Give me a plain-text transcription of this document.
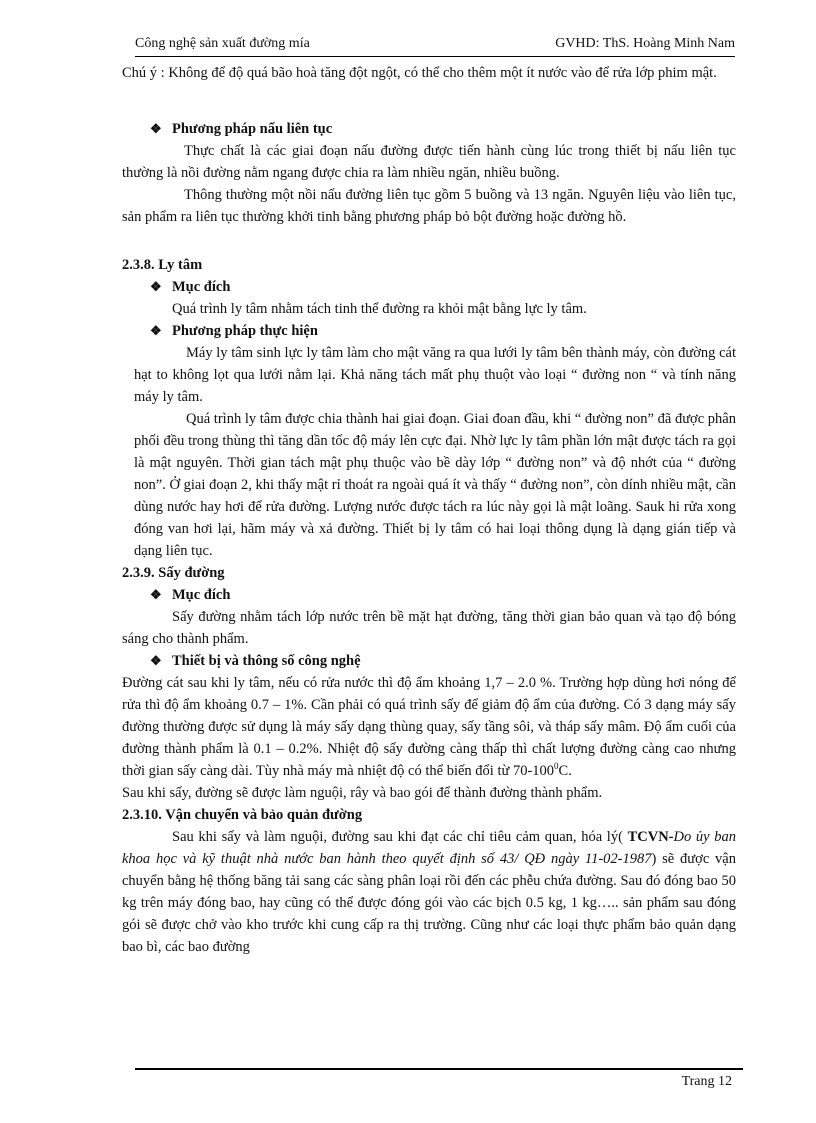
Công nghệ sản xuất đường mía	GVHD: ThS. Hoàng Minh Nam

Chú ý : Không để độ quá bão hoà tăng đột ngột, có thể cho thêm một ít nước vào để rửa lớp phim mật.

❖ Phương pháp nấu liên tục

Thực chất là các giai đoạn nấu đường được tiến hành cùng lúc trong thiết bị nấu liên tục thường là nồi đường nằm ngang được chia ra làm nhiều ngăn, nhiều buồng.

Thông thường một nồi nấu đường liên tục gồm 5 buồng và 13 ngăn. Nguyên liệu vào liên tục, sản phẩm ra liên tục thường khởi tinh bằng phương pháp bỏ bột đường hoặc đường hồ.

2.3.8. Ly tâm

❖ Mục đích

Quá trình ly tâm nhằm tách tinh thể đường ra khỏi mật bằng lực ly tâm.

❖ Phương pháp thực hiện

Máy ly tâm sinh lực ly tâm làm cho mật văng ra qua lưới ly tâm bên thành máy, còn đường cát hạt to không lọt qua lưới nằm lại. Khả năng tách mất phụ thuột vào loại “ đường non “ và tính năng máy ly tâm.

Quá trình ly tâm được chia thành hai giai đoạn. Giai đoan đầu, khi “ đường non” đã được phân phối đều trong thùng thì tăng dần tốc độ máy lên cực đại. Nhờ lực ly tâm phần lớn mật được tách ra gọi là mật nguyên. Thời gian tách mật phụ thuộc vào bề dày lớp “ đường non” và độ nhớt của “ đường non”. Ở giai đoạn 2, khi thấy mật rỉ thoát ra ngoài quá ít và thấy “ đường non”, còn dính nhiều mật, cần dùng nước hay hơi để rửa đường. Lượng nước được tách ra lúc này gọi là mật loãng. Sauk hi rửa xong đóng van hơi lại, hãm máy và xả đường. Thiết bị ly tâm có hai loại thông dụng là dạng gián tiếp và dạng liên tục.

2.3.9. Sấy đường

❖ Mục đích

Sấy đường nhằm tách lớp nước trên bề mặt hạt đường, tăng thời gian bảo quan và tạo độ bóng sáng cho thành phẩm.

❖ Thiết bị và thông số công nghệ

Đường cát sau khi ly tâm, nếu có rửa nước thì độ ẩm khoảng 1,7 – 2.0 %. Trường hợp dùng hơi nóng để rửa thì độ ẩm khoảng 0.7 – 1%. Cần phải có quá trình sấy để giảm độ ẩm của đường. Có 3 dạng máy sấy đường thường được sử dụng là máy sấy dạng thùng quay, sấy tầng sôi, và tháp sấy mâm. Độ ẩm cuối của đường thành phẩm là 0.1 – 0.2%. Nhiệt độ sấy đường càng thấp thì chất lượng đường càng cao nhưng thời gian sấy càng dài. Tùy nhà máy mà nhiệt độ có thể biến đổi từ $70-100^0C$.

Sau khi sấy, đường sẽ được làm nguội, rây và bao gói để thành đường thành phẩm.

2.3.10. Vận chuyển và bảo quản đường

Sau khi sấy và làm nguội, đường sau khi đạt các chỉ tiêu cảm quan, hóa lý( TCVN-Do ủy ban khoa học và kỹ thuật nhà nước ban hành theo quyết định số 43/ QĐ ngày 11-02-1987) sẽ được vận chuyển bằng hệ thống băng tải sang các sàng phân loại rồi đến các phễu chứa đường. Sau đó đóng bao 50 kg trên máy đóng bao, hay cũng có thể được đóng gói vào các bịch 0.5 kg, 1 kg….. sản phẩm sau đóng gói sẽ được chở vào kho trước khi cung cấp ra thị trường. Cũng như các loại thực phẩm bảo quản dạng bao bì, các bao đường

Trang 12
